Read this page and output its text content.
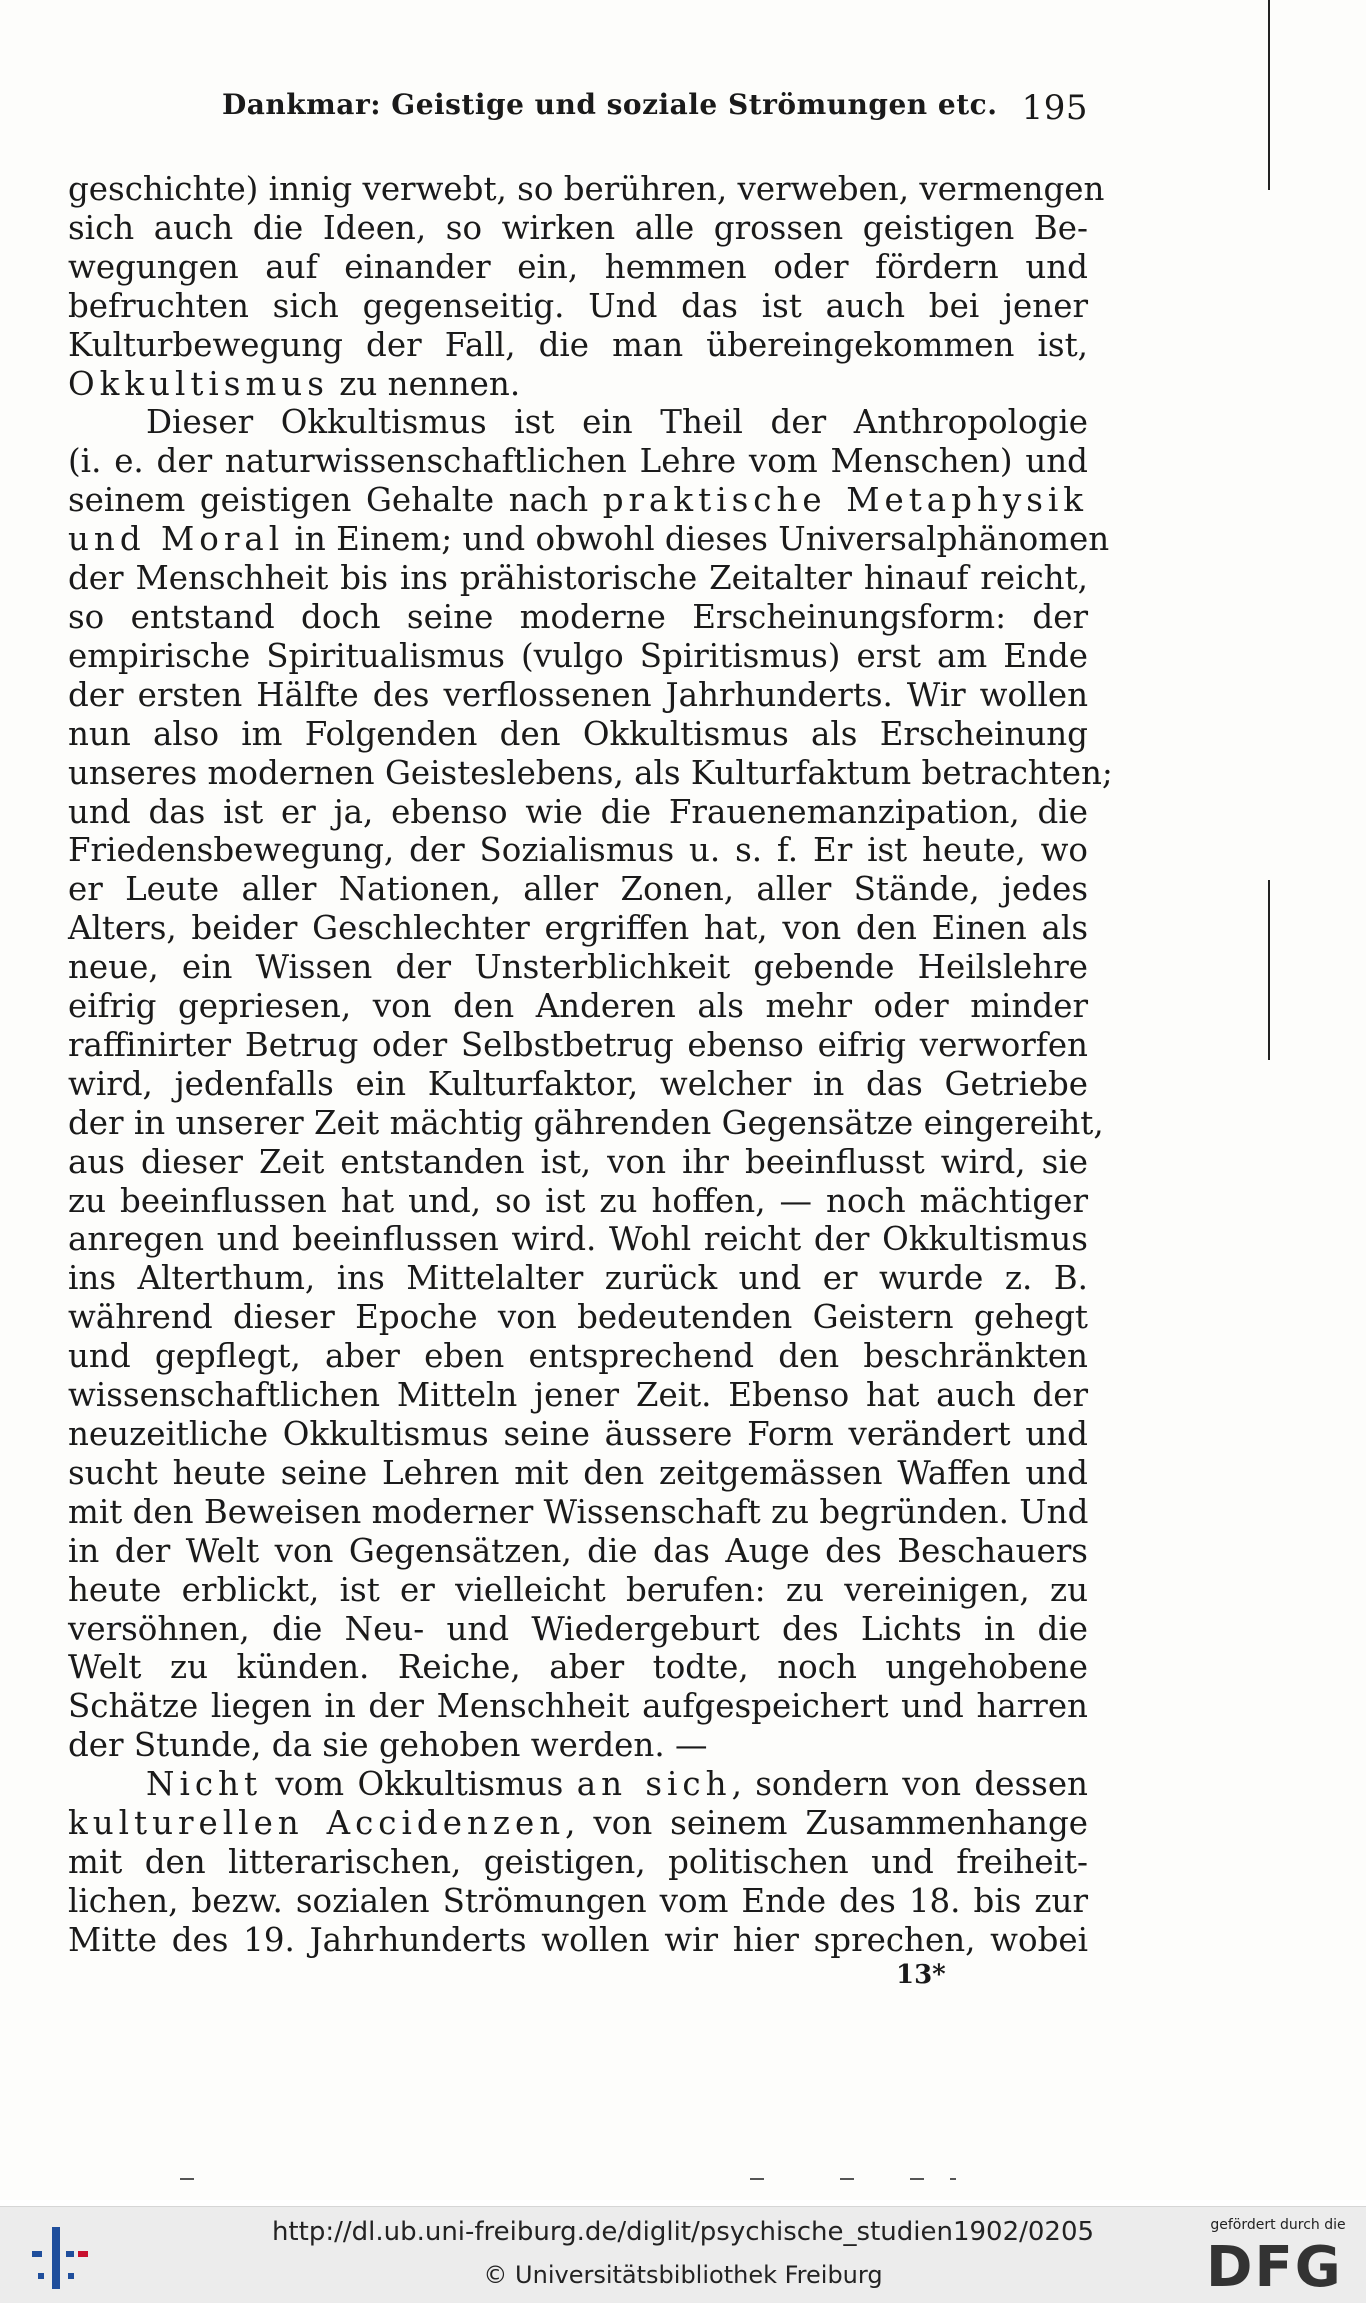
Dankmar: Geistige und soziale Strömungen etc. 195
geschichte) innig verwebt, so berühren, verweben, vermengen
sich auch die Ideen, so wirken alle grossen geistigen Be-
wegungen auf einander ein, hemmen oder fördern und
befruchten sich gegenseitig. Und das ist auch bei jener
Kulturbewegung der Fall, die man übereingekommen ist,
Okkultismus zu nennen.
Dieser Okkultismus ist ein Theil der Anthropologie
(i. e. der naturwissenschaftlichen Lehre vom Menschen) und
seinem geistigen Gehalte nach praktische Metaphysik
und Moral in Einem; und obwohl dieses Universalphänomen
der Menschheit bis ins prähistorische Zeitalter hinauf reicht,
so entstand doch seine moderne Erscheinungsform: der
empirische Spiritualismus (vulgo Spiritismus) erst am Ende
der ersten Hälfte des verflossenen Jahrhunderts. Wir wollen
nun also im Folgenden den Okkultismus als Erscheinung
unseres modernen Geisteslebens, als Kulturfaktum betrachten;
und das ist er ja, ebenso wie die Frauenemanzipation, die
Friedensbewegung, der Sozialismus u. s. f. Er ist heute, wo
er Leute aller Nationen, aller Zonen, aller Stände, jedes
Alters, beider Geschlechter ergriffen hat, von den Einen als
neue, ein Wissen der Unsterblichkeit gebende Heilslehre
eifrig gepriesen, von den Anderen als mehr oder minder
raffinirter Betrug oder Selbstbetrug ebenso eifrig verworfen
wird, jedenfalls ein Kulturfaktor, welcher in das Getriebe
der in unserer Zeit mächtig gährenden Gegensätze eingereiht,
aus dieser Zeit entstanden ist, von ihr beeinflusst wird, sie
zu beeinflussen hat und, so ist zu hoffen, — noch mächtiger
anregen und beeinflussen wird. Wohl reicht der Okkultismus
ins Alterthum, ins Mittelalter zurück und er wurde z. B.
während dieser Epoche von bedeutenden Geistern gehegt
und gepflegt, aber eben entsprechend den beschränkten
wissenschaftlichen Mitteln jener Zeit. Ebenso hat auch der
neuzeitliche Okkultismus seine äussere Form verändert und
sucht heute seine Lehren mit den zeitgemässen Waffen und
mit den Beweisen moderner Wissenschaft zu begründen. Und
in der Welt von Gegensätzen, die das Auge des Beschauers
heute erblickt, ist er vielleicht berufen: zu vereinigen, zu
versöhnen, die Neu- und Wiedergeburt des Lichts in die
Welt zu künden. Reiche, aber todte, noch ungehobene
Schätze liegen in der Menschheit aufgespeichert und harren
der Stunde, da sie gehoben werden. —
Nicht vom Okkultismus an sich, sondern von dessen
kulturellen Accidenzen, von seinem Zusammenhange
mit den litterarischen, geistigen, politischen und freiheit-
lichen, bezw. sozialen Strömungen vom Ende des 18. bis zur
Mitte des 19. Jahrhunderts wollen wir hier sprechen, wobei
13*
http://dl.ub.uni-freiburg.de/diglit/psychische_studien1902/0205
© Universitätsbibliothek Freiburg
gefördert durch die
DFG
